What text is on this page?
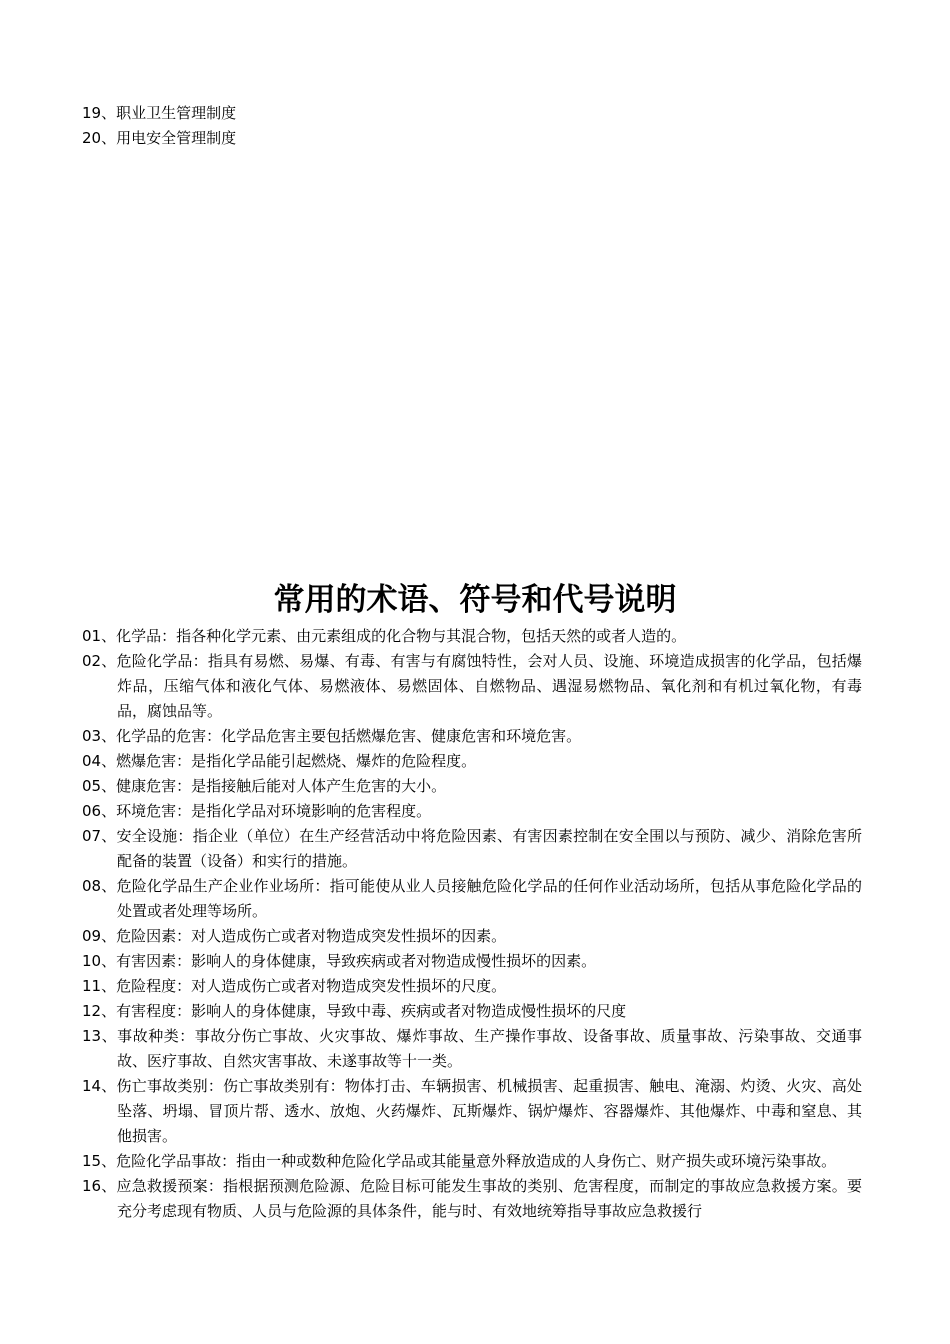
19、职业卫生管理制度
20、用电安全管理制度
常用的术语、符号和代号说明
01、化学品：指各种化学元素、由元素组成的化合物与其混合物，包括天然的或者人造的。
02、危险化学品：指具有易燃、易爆、有毒、有害与有腐蚀特性，会对人员、设施、环境造成损害的化学品，包括爆炸品，压缩气体和液化气体、易燃液体、易燃固体、自燃物品、遇湿易燃物品、氧化剂和有机过氧化物，有毒品，腐蚀品等。
03、化学品的危害：化学品危害主要包括燃爆危害、健康危害和环境危害。
04、燃爆危害：是指化学品能引起燃烧、爆炸的危险程度。
05、健康危害：是指接触后能对人体产生危害的大小。
06、环境危害：是指化学品对环境影响的危害程度。
07、安全设施：指企业（单位）在生产经营活动中将危险因素、有害因素控制在安全围以与预防、减少、消除危害所配备的装置（设备）和实行的措施。
08、危险化学品生产企业作业场所：指可能使从业人员接触危险化学品的任何作业活动场所，包括从事危险化学品的处置或者处理等场所。
09、危险因素：对人造成伤亡或者对物造成突发性损坏的因素。
10、有害因素：影响人的身体健康，导致疾病或者对物造成慢性损坏的因素。
11、危险程度：对人造成伤亡或者对物造成突发性损坏的尺度。
12、有害程度：影响人的身体健康，导致中毒、疾病或者对物造成慢性损坏的尺度
13、事故种类：事故分伤亡事故、火灾事故、爆炸事故、生产操作事故、设备事故、质量事故、污染事故、交通事故、医疗事故、自然灾害事故、未遂事故等十一类。
14、伤亡事故类别：伤亡事故类别有：物体打击、车辆损害、机械损害、起重损害、触电、淹溺、灼烫、火灾、高处坠落、坍塌、冒顶片帮、透水、放炮、火药爆炸、瓦斯爆炸、锅炉爆炸、容器爆炸、其他爆炸、中毒和窒息、其他损害。
15、危险化学品事故：指由一种或数种危险化学品或其能量意外释放造成的人身伤亡、财产损失或环境污染事故。
16、应急救援预案：指根据预测危险源、危险目标可能发生事故的类别、危害程度，而制定的事故应急救援方案。要充分考虑现有物质、人员与危险源的具体条件，能与时、有效地统筹指导事故应急救援行
